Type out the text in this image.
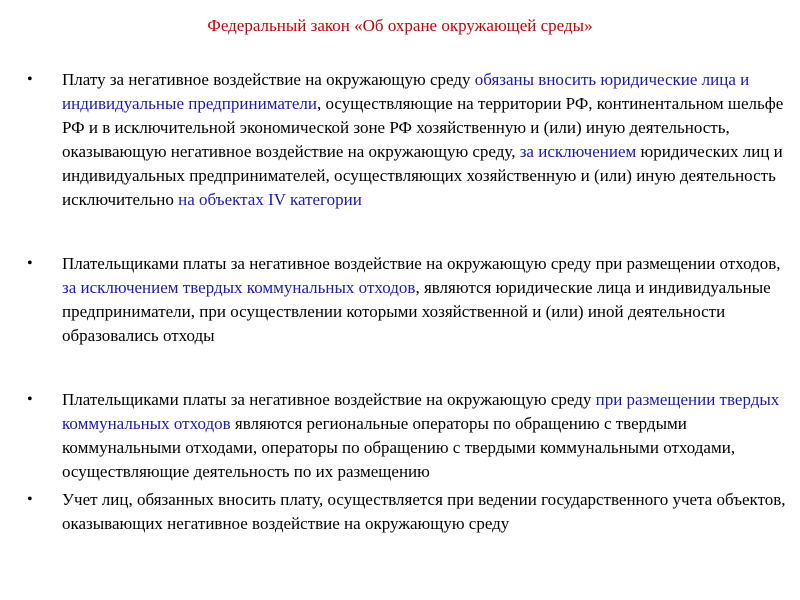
Федеральный закон «Об охране окружающей среды»
• Плату за негативное воздействие на окружающую среду обязаны вносить юридические лица и индивидуальные предприниматели, осуществляющие на территории РФ, континентальном шельфе РФ и в исключительной экономической зоне РФ хозяйственную и (или) иную деятельность, оказывающую негативное воздействие на окружающую среду, за исключением юридических лиц и индивидуальных предпринимателей, осуществляющих хозяйственную и (или) иную деятельность исключительно на объектах IV категории
• Плательщиками платы за негативное воздействие на окружающую среду при размещении отходов, за исключением твердых коммунальных отходов, являются юридические лица и индивидуальные предприниматели, при осуществлении которыми хозяйственной и (или) иной деятельности образовались отходы
• Плательщиками платы за негативное воздействие на окружающую среду при размещении твердых коммунальных отходов являются региональные операторы по обращению с твердыми коммунальными отходами, операторы по обращению с твердыми коммунальными отходами, осуществляющие деятельность по их размещению
• Учет лиц, обязанных вносить плату, осуществляется при ведении государственного учета объектов, оказывающих негативное воздействие на окружающую среду
